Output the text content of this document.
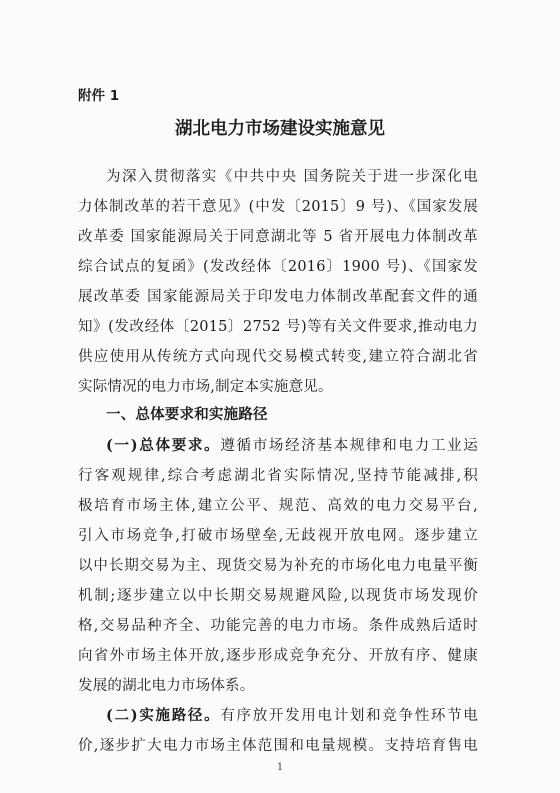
附件 1
湖北电力市场建设实施意见
为深入贯彻落实《中共中央 国务院关于进一步深化电
力体制改革的若干意见》(中发〔2015〕9 号)、《国家发展
改革委 国家能源局关于同意湖北等 5 省开展电力体制改革
综合试点的复函》(发改经体〔2016〕1900 号)、《国家发
展改革委 国家能源局关于印发电力体制改革配套文件的通
知》(发改经体〔2015〕2752 号)等有关文件要求,推动电力
供应使用从传统方式向现代交易模式转变,建立符合湖北省
实际情况的电力市场,制定本实施意见。
一、总体要求和实施路径
(一)总体要求。遵循市场经济基本规律和电力工业运
行客观规律,综合考虑湖北省实际情况,坚持节能减排,积
极培育市场主体,建立公平、规范、高效的电力交易平台,
引入市场竞争,打破市场壁垒,无歧视开放电网。逐步建立
以中长期交易为主、现货交易为补充的市场化电力电量平衡
机制;逐步建立以中长期交易规避风险,以现货市场发现价
格,交易品种齐全、功能完善的电力市场。条件成熟后适时
向省外市场主体开放,逐步形成竞争充分、开放有序、健康
发展的湖北电力市场体系。
(二)实施路径。有序放开发用电计划和竞争性环节电
价,逐步扩大电力市场主体范围和电量规模。支持培育售电
1
